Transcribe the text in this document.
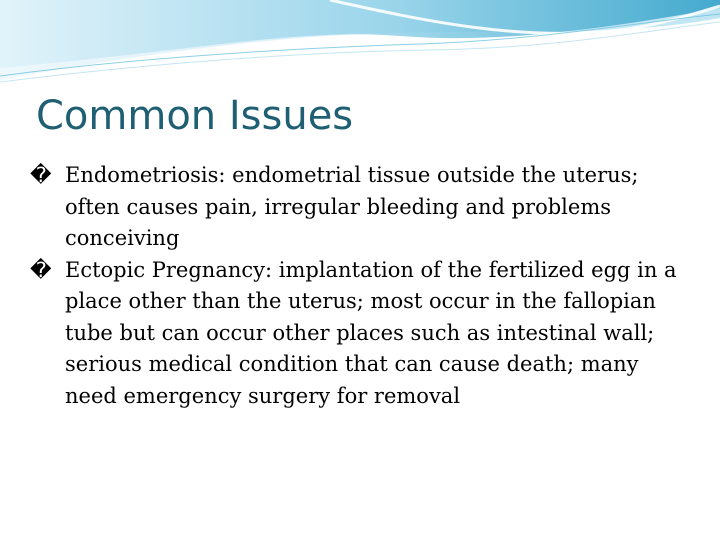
Common Issues
� Endometriosis: endometrial tissue outside the uterus; often causes pain, irregular bleeding and problems conceiving
� Ectopic Pregnancy: implantation of the fertilized egg in a place other than the uterus; most occur in the fallopian tube but can occur other places such as intestinal wall; serious medical condition that can cause death; many need emergency surgery for removal
